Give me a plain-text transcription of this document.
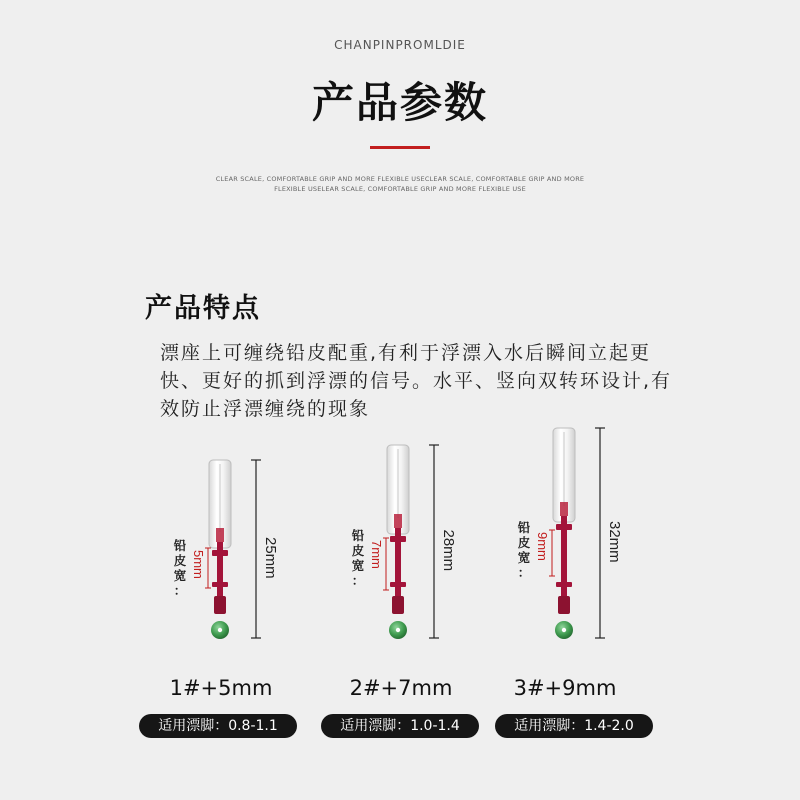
CHANPINPROMLDIE
产品参数
CLEAR SCALE, COMFORTABLE GRIP AND MORE FLEXIBLE USECLEAR SCALE, COMFORTABLE GRIP AND MORE
FLEXIBLE USELEAR SCALE, COMFORTABLE GRIP AND MORE FLEXIBLE USE
产品特点
漂座上可缠绕铅皮配重,有利于浮漂入水后瞬间立起更快、更好的抓到浮漂的信号。水平、竖向双转环设计,有效防止浮漂缠绕的现象
25mm
5mm
铅
皮
宽
：
28mm
7mm
铅
皮
宽
：
32mm
9mm
铅
皮
宽
：
1#+5mm	2#+7mm	3#+9mm
适用漂脚：0.8-1.1	适用漂脚：1.0-1.4	适用漂脚：1.4-2.0
